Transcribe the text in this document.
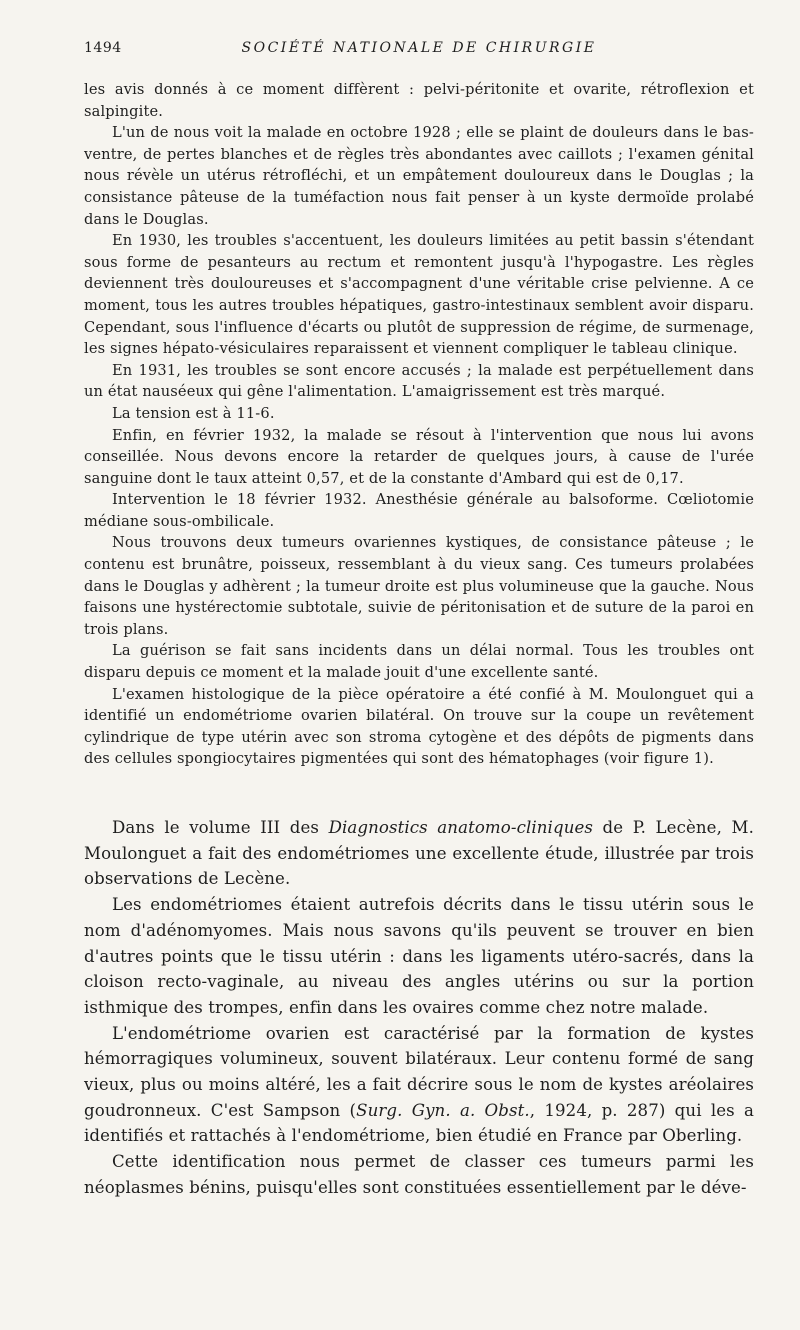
1494	SOCIÉTÉ NATIONALE DE CHIRURGIE

les avis donnés à ce moment diffèrent : pelvi-péritonite et ovarite, rétroflexion et salpingite.

L'un de nous voit la malade en octobre 1928 ; elle se plaint de douleurs dans le bas-ventre, de pertes blanches et de règles très abondantes avec caillots ; l'examen génital nous révèle un utérus rétrofléchi, et un empâtement douloureux dans le Douglas ; la consistance pâteuse de la tuméfaction nous fait penser à un kyste dermoïde prolabé dans le Douglas.

En 1930, les troubles s'accentuent, les douleurs limitées au petit bassin s'étendant sous forme de pesanteurs au rectum et remontent jusqu'à l'hypogastre. Les règles deviennent très douloureuses et s'accompagnent d'une véritable crise pelvienne. A ce moment, tous les autres troubles hépatiques, gastro-intestinaux semblent avoir disparu. Cependant, sous l'influence d'écarts ou plutôt de suppression de régime, de surmenage, les signes hépato-vésiculaires reparaissent et viennent compliquer le tableau clinique.

En 1931, les troubles se sont encore accusés ; la malade est perpétuellement dans un état nauséeux qui gêne l'alimentation. L'amaigrissement est très marqué.

La tension est à 11-6.

Enfin, en février 1932, la malade se résout à l'intervention que nous lui avons conseillée. Nous devons encore la retarder de quelques jours, à cause de l'urée sanguine dont le taux atteint 0,57, et de la constante d'Ambard qui est de 0,17.

Intervention le 18 février 1932. Anesthésie générale au balsoforme. Cœliotomie médiane sous-ombilicale.

Nous trouvons deux tumeurs ovariennes kystiques, de consistance pâteuse ; le contenu est brunâtre, poisseux, ressemblant à du vieux sang. Ces tumeurs prolabées dans le Douglas y adhèrent ; la tumeur droite est plus volumineuse que la gauche. Nous faisons une hystérectomie subtotale, suivie de péritonisation et de suture de la paroi en trois plans.

La guérison se fait sans incidents dans un délai normal. Tous les troubles ont disparu depuis ce moment et la malade jouit d'une excellente santé.

L'examen histologique de la pièce opératoire a été confié à M. Moulonguet qui a identifié un endométriome ovarien bilatéral. On trouve sur la coupe un revêtement cylindrique de type utérin avec son stroma cytogène et des dépôts de pigments dans des cellules spongiocytaires pigmentées qui sont des hématophages (voir figure 1).

Dans le volume III des Diagnostics anatomo-cliniques de P. Lecène, M. Moulonguet a fait des endométriomes une excellente étude, illustrée par trois observations de Lecène.

Les endométriomes étaient autrefois décrits dans le tissu utérin sous le nom d'adénomyomes. Mais nous savons qu'ils peuvent se trouver en bien d'autres points que le tissu utérin : dans les ligaments utéro-sacrés, dans la cloison recto-vaginale, au niveau des angles utérins ou sur la portion isthmique des trompes, enfin dans les ovaires comme chez notre malade.

L'endométriome ovarien est caractérisé par la formation de kystes hémorragiques volumineux, souvent bilatéraux. Leur contenu formé de sang vieux, plus ou moins altéré, les a fait décrire sous le nom de kystes aréolaires goudronneux. C'est Sampson (Surg. Gyn. a. Obst., 1924, p. 287) qui les a identifiés et rattachés à l'endométriome, bien étudié en France par Oberling.

Cette identification nous permet de classer ces tumeurs parmi les néoplasmes bénins, puisqu'elles sont constituées essentiellement par le déve-
